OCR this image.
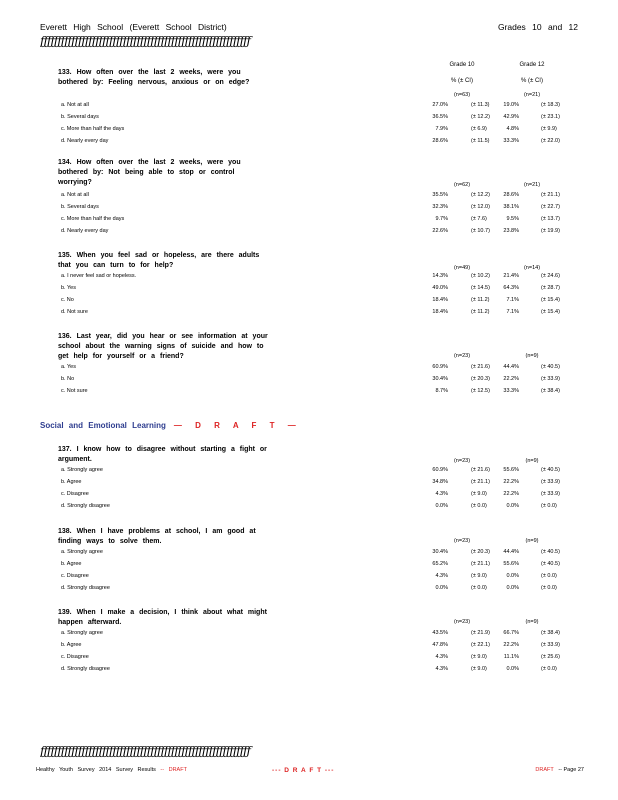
Everett High School (Everett School District)	Grades 10 and 12
ƒƒƒƒƒƒƒƒƒƒƒƒƒƒƒƒƒƒƒƒƒƒƒƒƒƒƒƒƒƒƒƒƒƒƒƒƒƒƒƒƒƒƒƒƒƒƒƒƒƒƒƒƒƒƒƒƒƒƒƒƒ
Grade 10
% (± CI)
Grade 12
% (± CI)
133. How often over the last 2 weeks, were you bothered by: Feeling nervous, anxious or on edge?
(n=63)	(n=21)
a. Not at all	27.0%	(± 11.3)	19.0%	(± 18.3)
b. Several days	36.5%	(± 12.2)	42.9%	(± 23.1)
c. More than half the days	7.9%	(± 6.9)	4.8%	(± 9.9)
d. Nearly every day	28.6%	(± 11.5)	33.3%	(± 22.0)
134. How often over the last 2 weeks, were you bothered by: Not being able to stop or control worrying?	(n=62)	(n=21)
a. Not at all	35.5%	(± 12.2)	28.6%	(± 21.1)
b. Several days	32.3%	(± 12.0)	38.1%	(± 22.7)
c. More than half the days	9.7%	(± 7.6)	9.5%	(± 13.7)
d. Nearly every day	22.6%	(± 10.7)	23.8%	(± 19.9)
135. When you feel sad or hopeless, are there adults that you can turn to for help?	(n=49)	(n=14)
a. I never feel sad or hopeless.	14.3%	(± 10.2)	21.4%	(± 24.6)
b. Yes	49.0%	(± 14.5)	64.3%	(± 28.7)
c. No	18.4%	(± 11.2)	7.1%	(± 15.4)
d. Not sure	18.4%	(± 11.2)	7.1%	(± 15.4)
136. Last year, did you hear or see information at your school about the warning signs of suicide and how to get help for yourself or a friend?	(n=23)	(n=9)
a. Yes	60.9%	(± 21.6)	44.4%	(± 40.5)
b. No	30.4%	(± 20.3)	22.2%	(± 33.9)
c. Not sure	8.7%	(± 12.5)	33.3%	(± 38.4)
Social and Emotional Learning — D R A F T —
137. I know how to disagree without starting a fight or argument.	(n=23)	(n=9)
a. Strongly agree	60.9%	(± 21.6)	55.6%	(± 40.5)
b. Agree	34.8%	(± 21.1)	22.2%	(± 33.9)
c. Disagree	4.3%	(± 9.0)	22.2%	(± 33.9)
d. Strongly disagree	0.0%	(± 0.0)	0.0%	(± 0.0)
138. When I have problems at school, I am good at finding ways to solve them.	(n=23)	(n=9)
a. Strongly agree	30.4%	(± 20.3)	44.4%	(± 40.5)
b. Agree	65.2%	(± 21.1)	55.6%	(± 40.5)
c. Disagree	4.3%	(± 9.0)	0.0%	(± 0.0)
d. Strongly disagree	0.0%	(± 0.0)	0.0%	(± 0.0)
139. When I make a decision, I think about what might happen afterward.	(n=23)	(n=9)
a. Strongly agree	43.5%	(± 21.9)	66.7%	(± 38.4)
b. Agree	47.8%	(± 22.1)	22.2%	(± 33.9)
c. Disagree	4.3%	(± 9.0)	11.1%	(± 25.6)
d. Strongly disagree	4.3%	(± 9.0)	0.0%	(± 0.0)
ƒƒƒƒƒƒƒƒƒƒƒƒƒƒƒƒƒƒƒƒƒƒƒƒƒƒƒƒƒƒƒƒƒƒƒƒƒƒƒƒƒƒƒƒƒƒƒƒƒƒƒƒƒƒƒƒƒƒƒƒƒ
Healthy Youth Survey 2014 Survey Results -- DRAFT	--- D R A F T ---	DRAFT -- Page 27
